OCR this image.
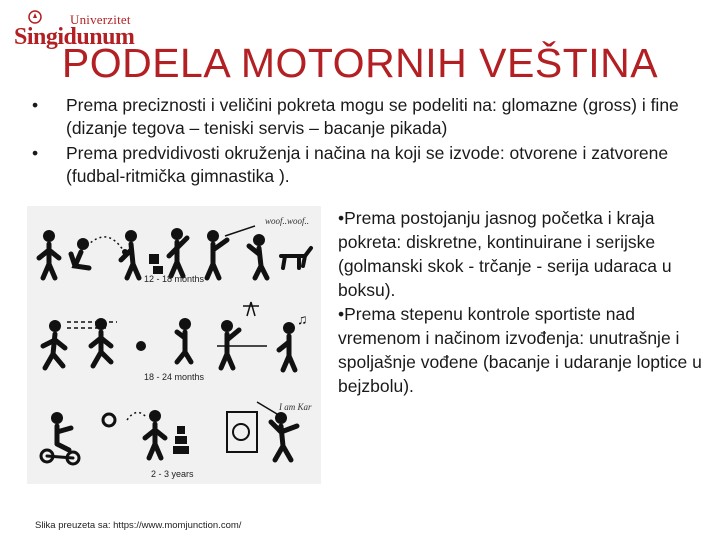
Univerzitet
Singidunum
PODELA MOTORNIH VEŠTINA
• Prema preciznosti i veličini pokreta mogu se podeliti na: glomazne (gross) i fine (dizanje tegova – teniski servis – bacanje pikada)
• Prema predvidivosti okruženja i načina na koji se izvode: otvorene i zatvorene (fudbal-ritmička gimnastika ).
12 - 18 months
18 - 24 months
2 - 3 years
woof..woof..
I am Kar
♫

•Prema postojanju jasnog početka i kraja pokreta: diskretne, kontinuirane i serijske (golmanski skok - trčanje - serija udaraca u boksu).

•Prema stepenu kontrole sportiste nad vremenom i načinom izvođenja: unutrašnje i spoljašnje vođene (bacanje i udaranje loptice u bejzbolu).

Slika preuzeta sa: https://www.momjunction.com/
